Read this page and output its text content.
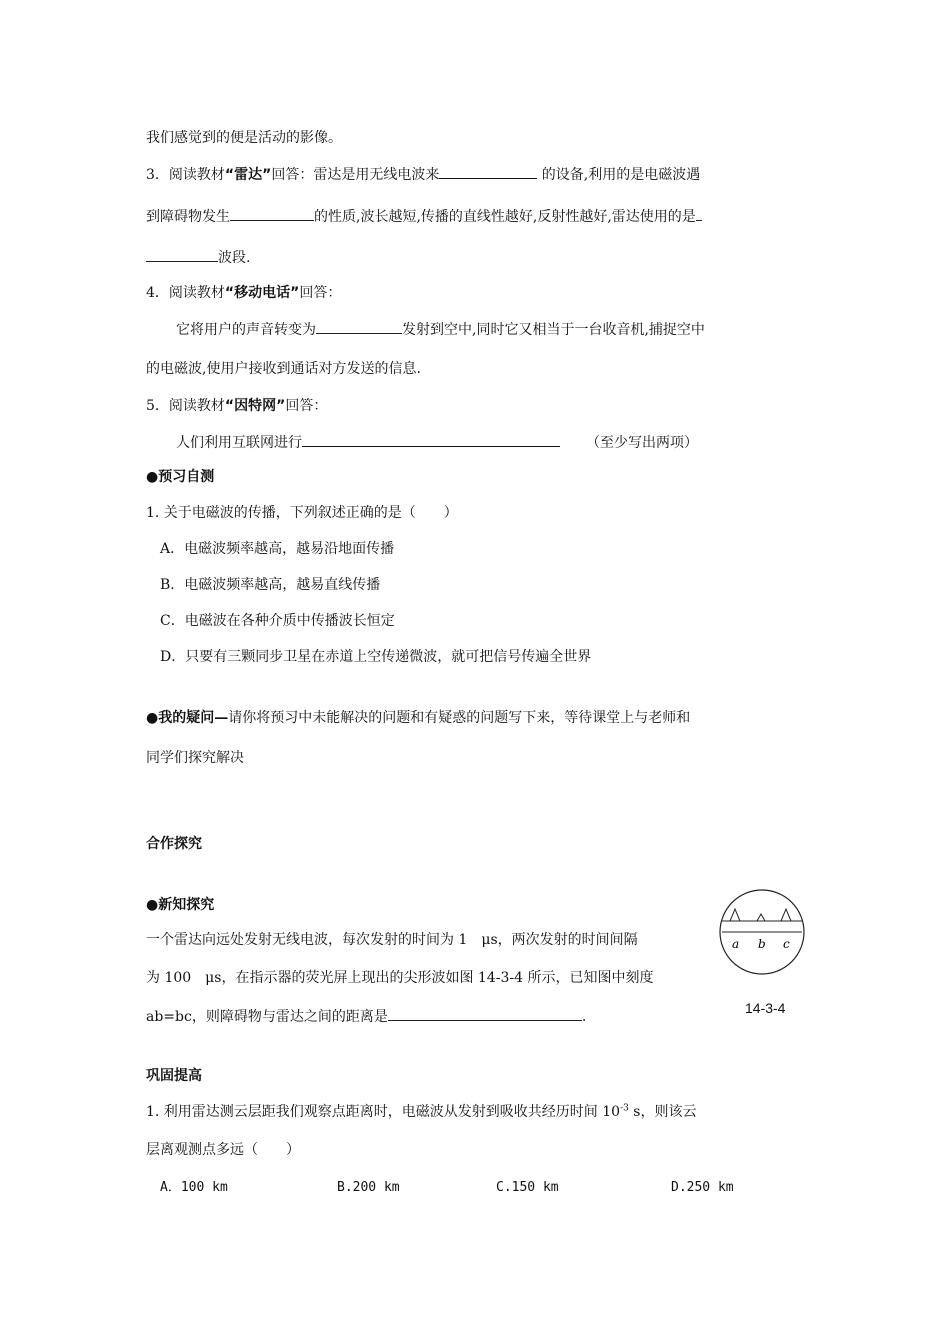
我们感觉到的便是活动的影像。
3．阅读教材“雷达”回答：雷达是用无线电波来	的设备,利用的是电磁波遇
到障碍物发生	的性质,波长越短,传播的直线性越好,反射性越好,雷达使用的是
波段.
4．阅读教材“移动电话”回答：
它将用户的声音转变为	发射到空中,同时它又相当于一台收音机,捕捉空中
的电磁波,使用户接收到通话对方发送的信息.
5．阅读教材“因特网”回答：
人们利用互联网进行	（至少写出两项）
●预习自测
1. 关于电磁波的传播，下列叙述正确的是（　　）
A．电磁波频率越高，越易沿地面传播
B．电磁波频率越高，越易直线传播
C．电磁波在各种介质中传播波长恒定
D．只要有三颗同步卫星在赤道上空传递微波，就可把信号传遍全世界
●我的疑问—请你将预习中未能解决的问题和有疑惑的问题写下来，等待课堂上与老师和
同学们探究解决
合作探究
●新知探究
一个雷达向远处发射无线电波，每次发射的时间为 1　μs，两次发射的时间间隔
为 100　μs，在指示器的荧光屏上现出的尖形波如图 14-3-4 所示，已知图中刻度
ab=bc，则障碍物与雷达之间的距离是	.
a b c
14-3-4
巩固提高
1. 利用雷达测云层距我们观察点距离时，电磁波从发射到吸收共经历时间 $10^{-3}$ s，则该云
层离观测点多远（　　）
A．100 km	B.200 km	C.150 km	D.250 km
